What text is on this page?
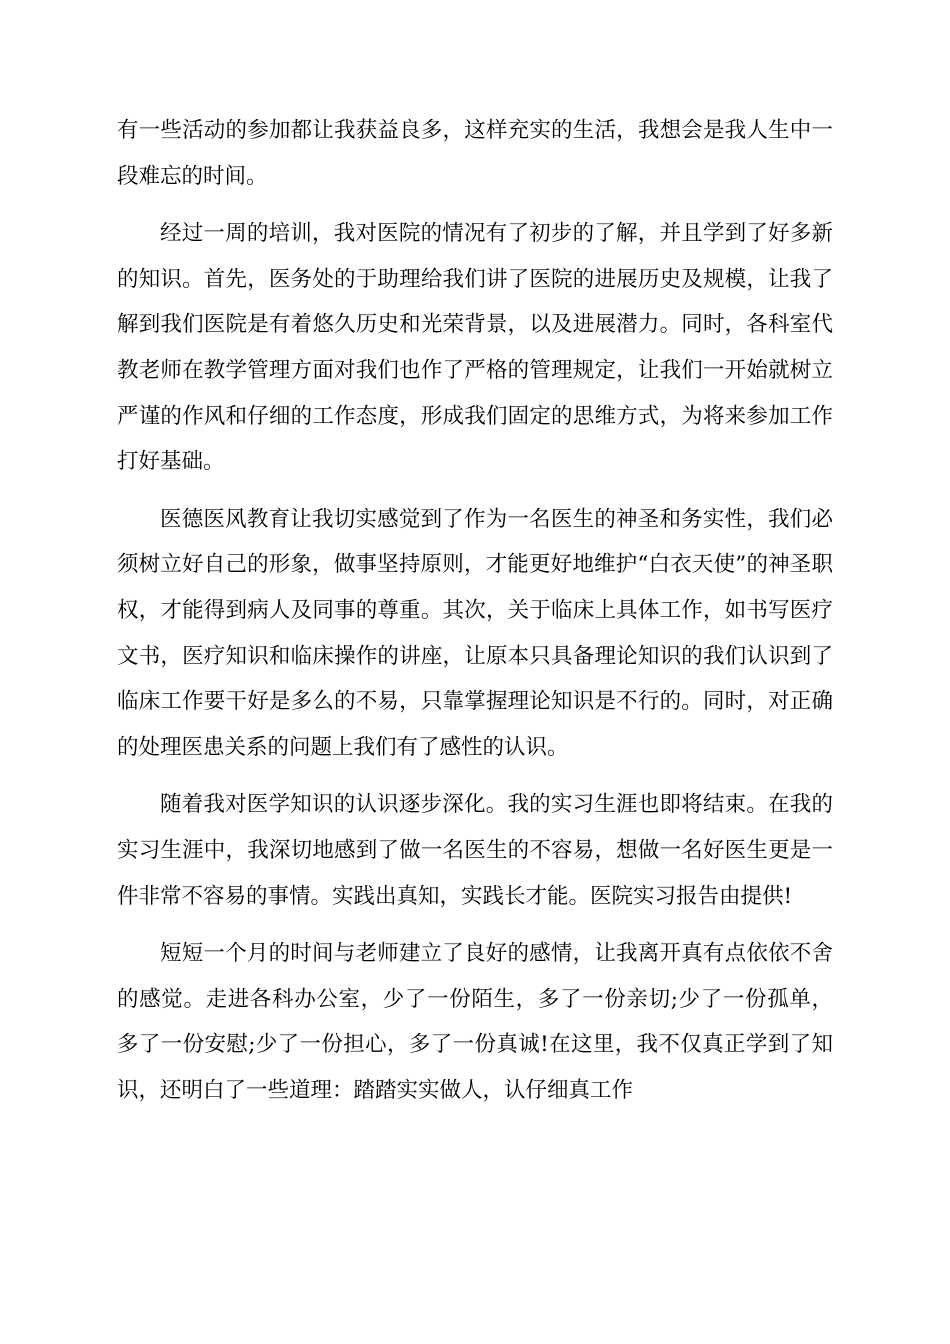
有一些活动的参加都让我获益良多，这样充实的生活，我想会是我人生中一段难忘的时间。

经过一周的培训，我对医院的情况有了初步的了解，并且学到了好多新的知识。首先，医务处的于助理给我们讲了医院的进展历史及规模，让我了解到我们医院是有着悠久历史和光荣背景，以及进展潜力。同时，各科室代教老师在教学管理方面对我们也作了严格的管理规定，让我们一开始就树立严谨的作风和仔细的工作态度，形成我们固定的思维方式，为将来参加工作打好基础。

医德医风教育让我切实感觉到了作为一名医生的神圣和务实性，我们必须树立好自己的形象，做事坚持原则，才能更好地维护“白衣天使”的神圣职权，才能得到病人及同事的尊重。其次，关于临床上具体工作，如书写医疗文书，医疗知识和临床操作的讲座，让原本只具备理论知识的我们认识到了临床工作要干好是多么的不易，只靠掌握理论知识是不行的。同时，对正确的处理医患关系的问题上我们有了感性的认识。

随着我对医学知识的认识逐步深化。我的实习生涯也即将结束。在我的实习生涯中，我深切地感到了做一名医生的不容易，想做一名好医生更是一件非常不容易的事情。实践出真知，实践长才能。医院实习报告由提供!

短短一个月的时间与老师建立了良好的感情，让我离开真有点依依不舍的感觉。走进各科办公室，少了一份陌生，多了一份亲切;少了一份孤单，多了一份安慰;少了一份担心，多了一份真诚!在这里，我不仅真正学到了知识，还明白了一些道理：踏踏实实做人，认仔细真工作
